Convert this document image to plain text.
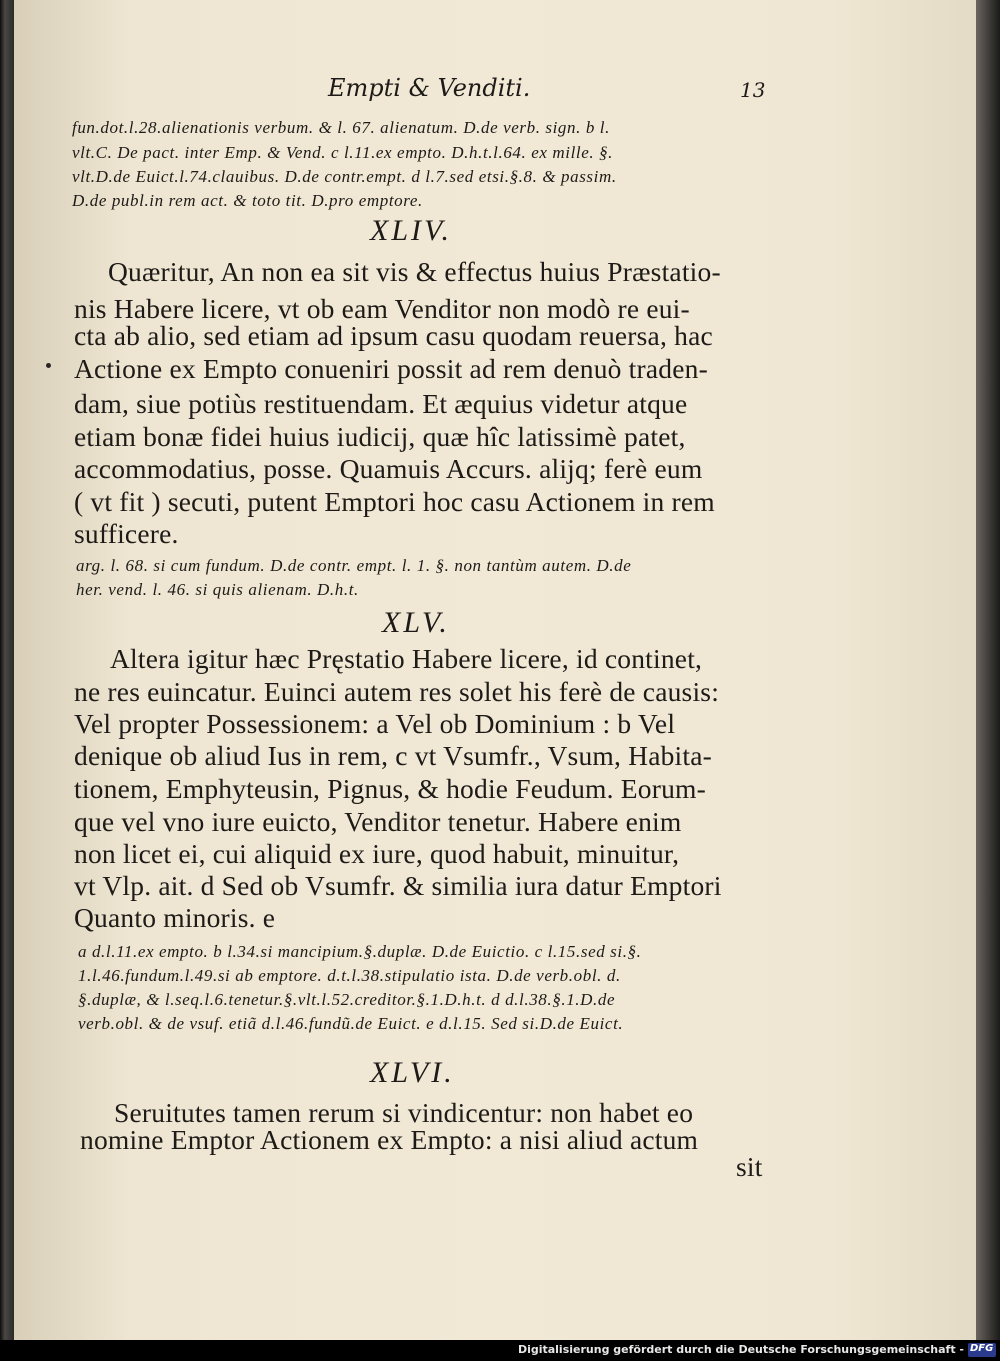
Empti & Venditi.	13
fun.dot.l.28.alienationis verbum. & l. 67. alienatum. D.de verb. sign. b l.
vlt.C. De pact. inter Emp. & Vend. c l.11.ex empto. D.h.t.l.64. ex mille. §.
vlt.D.de Euict.l.74.clauibus. D.de contr.empt. d l.7.sed etsi.§.8. & passim.
D.de publ.in rem act. & toto tit. D.pro emptore.
XLIV.
Quæritur, An non ea sit vis & effectus huius Præstatio-
nis Habere licere, vt ob eam Venditor non modò re eui-
cta ab alio, sed etiam ad ipsum casu quodam reuersa, hac
Actione ex Empto conueniri possit ad rem denuò traden-
dam, siue potiùs restituendam. Et æquius videtur atque
etiam bonæ fidei huius iudicij, quæ hîc latissimè patet,
accommodatius, posse. Quamuis Accurs. alijq; ferè eum
( vt fit ) secuti, putent Emptori hoc casu Actionem in rem
sufficere.
arg. l. 68. si cum fundum. D.de contr. empt. l. 1. §. non tantùm autem. D.de
her. vend. l. 46. si quis alienam. D.h.t.
XLV.
Altera igitur hæc Pręstatio Habere licere, id continet,
ne res euincatur. Euinci autem res solet his ferè de causis:
Vel propter Possessionem: a Vel ob Dominium : b Vel
denique ob aliud Ius in rem, c vt Vsumfr., Vsum, Habita-
tionem, Emphyteusin, Pignus, & hodie Feudum. Eorum-
que vel vno iure euicto, Venditor tenetur. Habere enim
non licet ei, cui aliquid ex iure, quod habuit, minuitur,
vt Vlp. ait. d Sed ob Vsumfr. & similia iura datur Emptori
Quanto minoris. e
a d.l.11.ex empto. b l.34.si mancipium.§.duplæ. D.de Euictio. c l.15.sed si.§.
1.l.46.fundum.l.49.si ab emptore. d.t.l.38.stipulatio ista. D.de verb.obl. d.
§.duplæ, & l.seq.l.6.tenetur.§.vlt.l.52.creditor.§.1.D.h.t. d d.l.38.§.1.D.de
verb.obl. & de vsuf. etiã d.l.46.fundũ.de Euict. e d.l.15. Sed si.D.de Euict.
XLVI.
Seruitutes tamen rerum si vindicentur: non habet eo
nomine Emptor Actionem ex Empto: a nisi aliud actum
sit
Digitalisierung gefördert durch die Deutsche Forschungsgemeinschaft - DFG
